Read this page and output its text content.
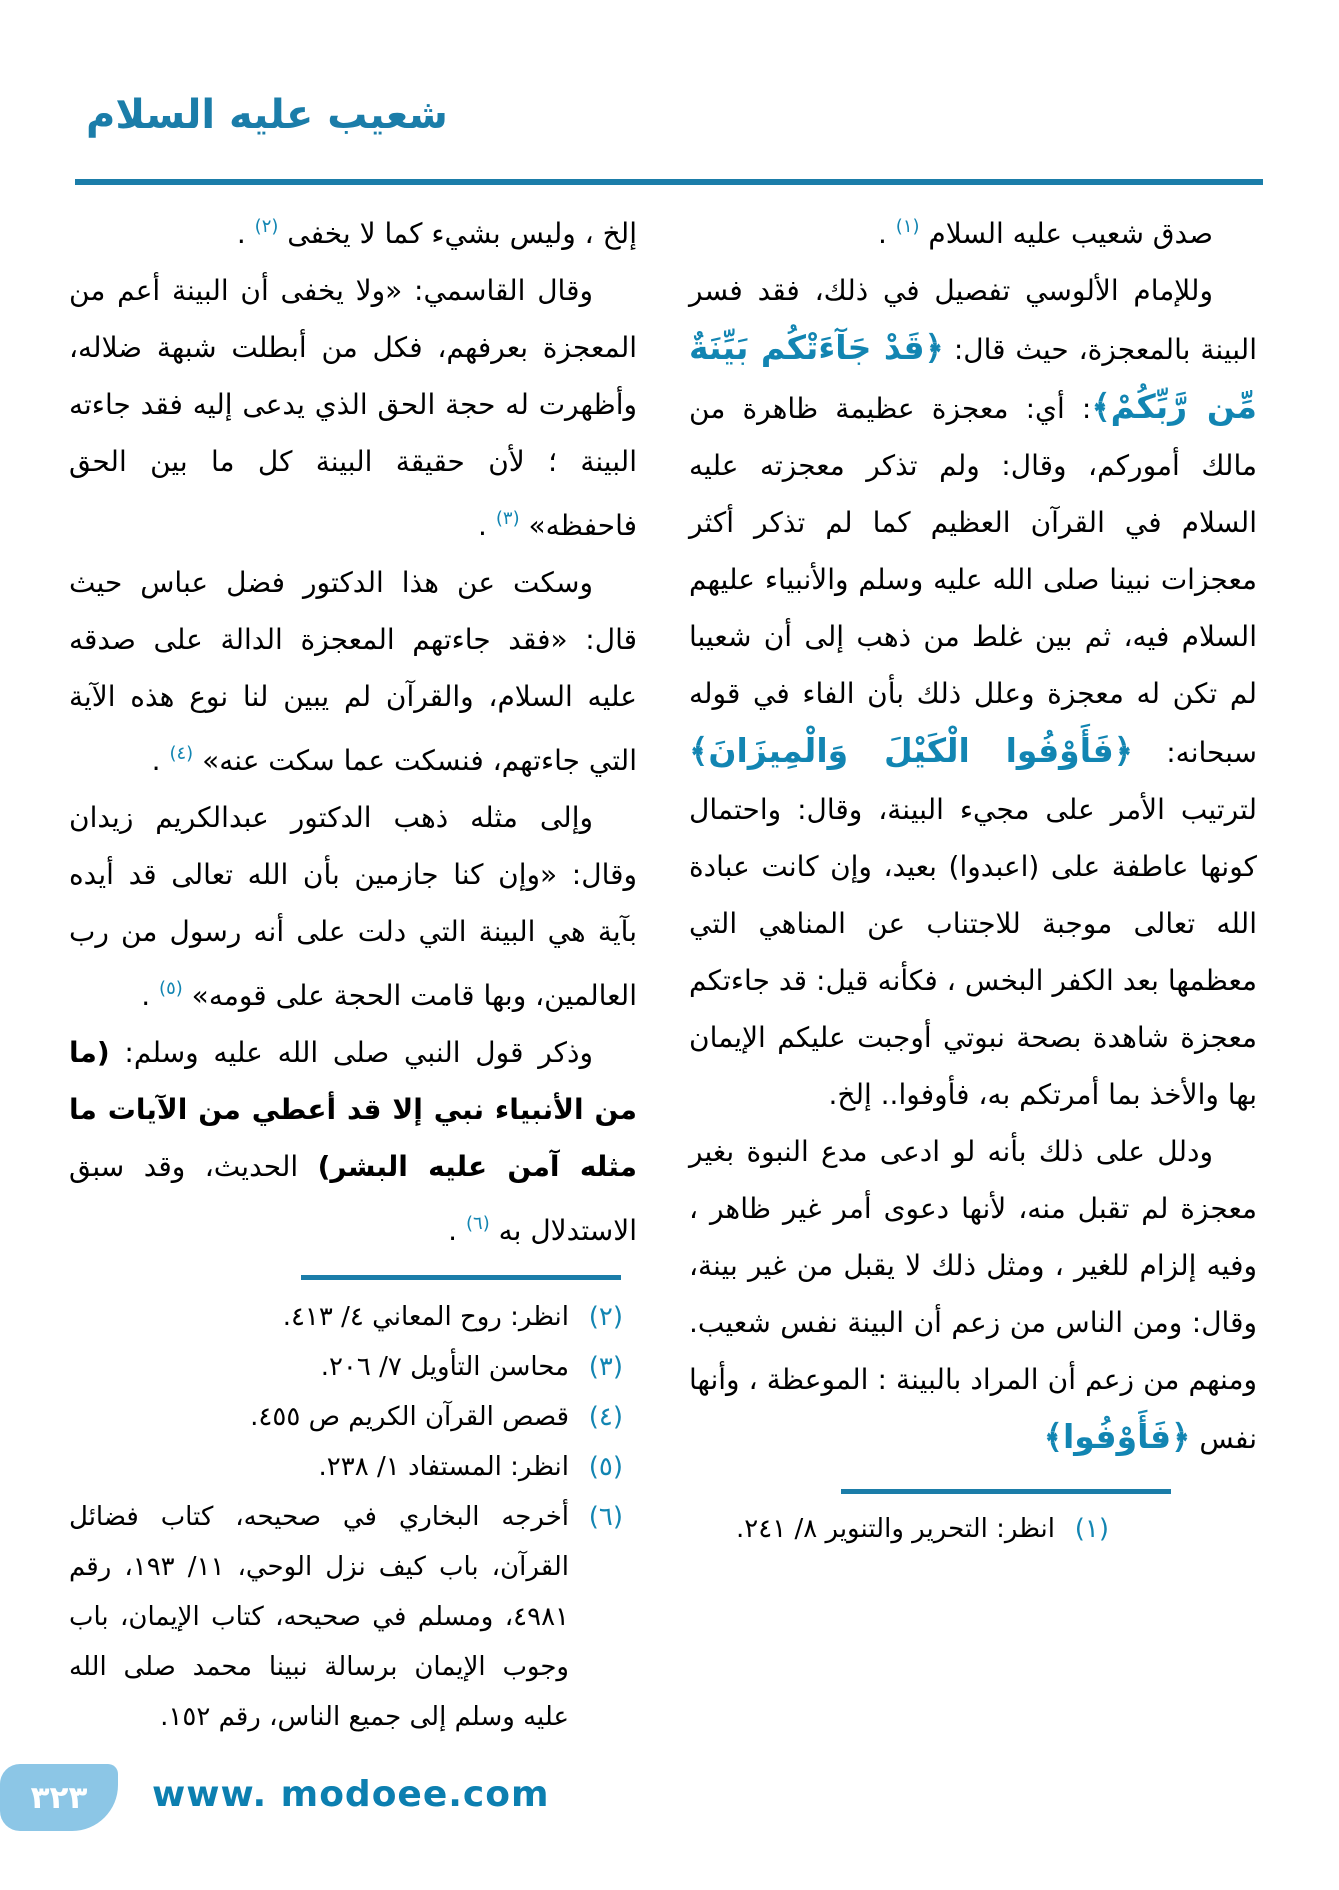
شعيب عليه السلام

صدق شعيب عليه السلام $^{(١)}$ .

وللإمام الألوسي تفصيل في ذلك، فقد فسر البينة بالمعجزة، حيث قال: ﴿قَدْ جَآءَتْكُم بَيِّنَةٌ مِّن رَّبِّكُمْ﴾: أي: معجزة عظيمة ظاهرة من مالك أموركم، وقال: ولم تذكر معجزته عليه السلام في القرآن العظيم كما لم تذكر أكثر معجزات نبينا صلى الله عليه وسلم والأنبياء عليهم السلام فيه، ثم بين غلط من ذهب إلى أن شعيبا لم تكن له معجزة وعلل ذلك بأن الفاء في قوله سبحانه: ﴿فَأَوْفُوا الْكَيْلَ وَالْمِيزَانَ﴾ لترتيب الأمر على مجيء البينة، وقال: واحتمال كونها عاطفة على (اعبدوا) بعيد، وإن كانت عبادة الله تعالى موجبة للاجتناب عن المناهي التي معظمها بعد الكفر البخس ، فكأنه قيل: قد جاءتكم معجزة شاهدة بصحة نبوتي أوجبت عليكم الإيمان بها والأخذ بما أمرتكم به، فأوفوا.. إلخ.

ودلل على ذلك بأنه لو ادعى مدع النبوة بغير معجزة لم تقبل منه، لأنها دعوى أمر غير ظاهر ، وفيه إلزام للغير ، ومثل ذلك لا يقبل من غير بينة، وقال: ومن الناس من زعم أن البينة نفس شعيب. ومنهم من زعم أن المراد بالبينة : الموعظة ، وأنها نفس ﴿فَأَوْفُوا﴾

(١)
انظر: التحرير والتنوير ٨/ ٢٤١.

إلخ ، وليس بشيء كما لا يخفى $^{(٢)}$ .

وقال القاسمي: «ولا يخفى أن البينة أعم من المعجزة بعرفهم، فكل من أبطلت شبهة ضلاله، وأظهرت له حجة الحق الذي يدعى إليه فقد جاءته البينة ؛ لأن حقيقة البينة كل ما بين الحق فاحفظه» $^{(٣)}$ .

وسكت عن هذا الدكتور فضل عباس حيث قال: «فقد جاءتهم المعجزة الدالة على صدقه عليه السلام، والقرآن لم يبين لنا نوع هذه الآية التي جاءتهم، فنسكت عما سكت عنه» $^{(٤)}$ .

وإلى مثله ذهب الدكتور عبدالكريم زيدان وقال: «وإن كنا جازمين بأن الله تعالى قد أيده بآية هي البينة التي دلت على أنه رسول من رب العالمين، وبها قامت الحجة على قومه» $^{(٥)}$ .

وذكر قول النبي صلى الله عليه وسلم: (ما من الأنبياء نبي إلا قد أعطي من الآيات ما مثله آمن عليه البشر) الحديث، وقد سبق الاستدلال به $^{(٦)}$ .

(٢)
انظر: روح المعاني ٤/ ٤١٣.
(٣)
محاسن التأويل ٧/ ٢٠٦.
(٤)
قصص القرآن الكريم ص ٤٥٥.
(٥)
انظر: المستفاد ١/ ٢٣٨.
(٦)
أخرجه البخاري في صحيحه، كتاب فضائل القرآن، باب كيف نزل الوحي، ١١/ ١٩٣، رقم ٤٩٨١، ومسلم في صحيحه، كتاب الإيمان، باب وجوب الإيمان برسالة نبينا محمد صلى الله عليه وسلم إلى جميع الناس، رقم ١٥٢.
٣٢٣ www. modoee.com
